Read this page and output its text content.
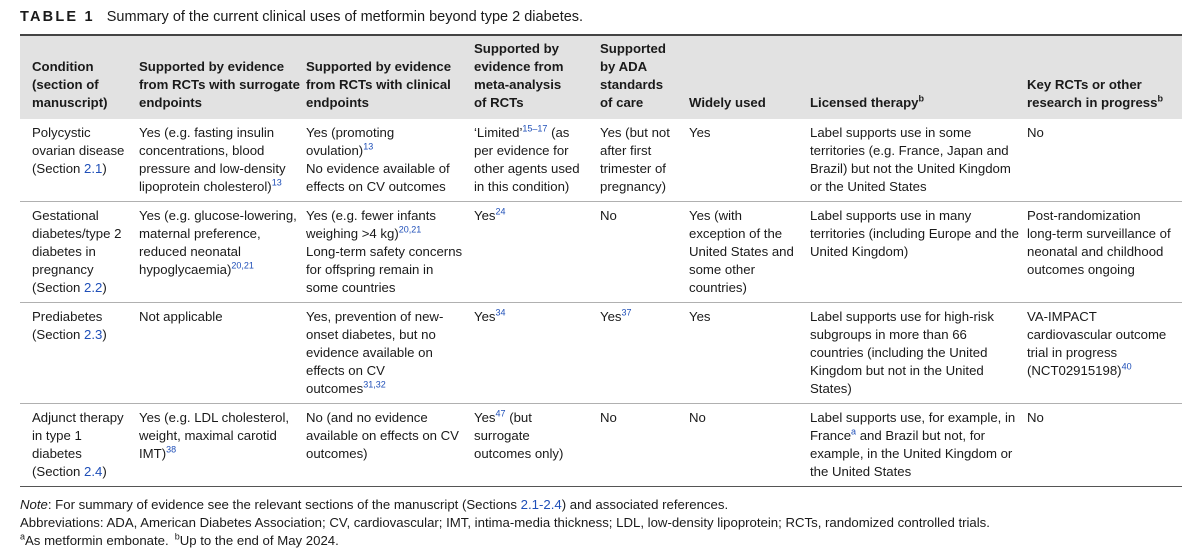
TABLE 1 Summary of the current clinical uses of metformin beyond type 2 diabetes.
Condition
(section of
manuscript)	Supported by evidence
from RCTs with surrogate
endpoints	Supported by evidence
from RCTs with clinical
endpoints	Supported by
evidence from
meta-analysis
of RCTs	Supported
by ADA
standards
of care	Widely used	Licensed therapy$^b$	Key RCTs or other
research in progress$^b$

Polycystic
ovarian disease
(Section 2.1)	Yes (e.g. fasting insulin
concentrations, blood
pressure and low-density
lipoprotein cholesterol)$^{13}$	Yes (promoting
ovulation)$^{13}$
No evidence available of
effects on CV outcomes	‘Limited’$^{15-17}$ (as
per evidence for
other agents used
in this condition)	Yes (but not
after first
trimester of
pregnancy)	Yes	Label supports use in some
territories (e.g. France, Japan and
Brazil) but not the United Kingdom
or the United States	No

Gestational
diabetes/type 2
diabetes in
pregnancy
(Section 2.2)	Yes (e.g. glucose-lowering,
maternal preference,
reduced neonatal
hypoglycaemia)$^{20,21}$	Yes (e.g. fewer infants
weighing >4 kg)$^{20,21}$
Long-term safety concerns
for offspring remain in
some countries	Yes$^{24}$	No	Yes (with
exception of the
United States and
some other
countries)	Label supports use in many
territories (including Europe and the
United Kingdom)	Post-randomization
long-term surveillance of
neonatal and childhood
outcomes ongoing

Prediabetes
(Section 2.3)	Not applicable	Yes, prevention of new-
onset diabetes, but no
evidence available on
effects on CV
outcomes$^{31,32}$	Yes$^{34}$	Yes$^{37}$	Yes	Label supports use for high-risk
subgroups in more than 66
countries (including the United
Kingdom but not in the United
States)	VA-IMPACT
cardiovascular outcome
trial in progress
(NCT02915198)$^{40}$

Adjunct therapy
in type 1
diabetes
(Section 2.4)	Yes (e.g. LDL cholesterol,
weight, maximal carotid
IMT)$^{38}$	No (and no evidence
available on effects on CV
outcomes)	Yes$^{47}$ (but
surrogate
outcomes only)	No	No	Label supports use, for example, in
France$^a$ and Brazil but not, for
example, in the United Kingdom or
the United States	No
Note: For summary of evidence see the relevant sections of the manuscript (Sections 2.1-2.4) and associated references.
Abbreviations: ADA, American Diabetes Association; CV, cardiovascular; IMT, intima-media thickness; LDL, low-density lipoprotein; RCTs, randomized controlled trials.
$^a$As metformin embonate. $^b$Up to the end of May 2024.
